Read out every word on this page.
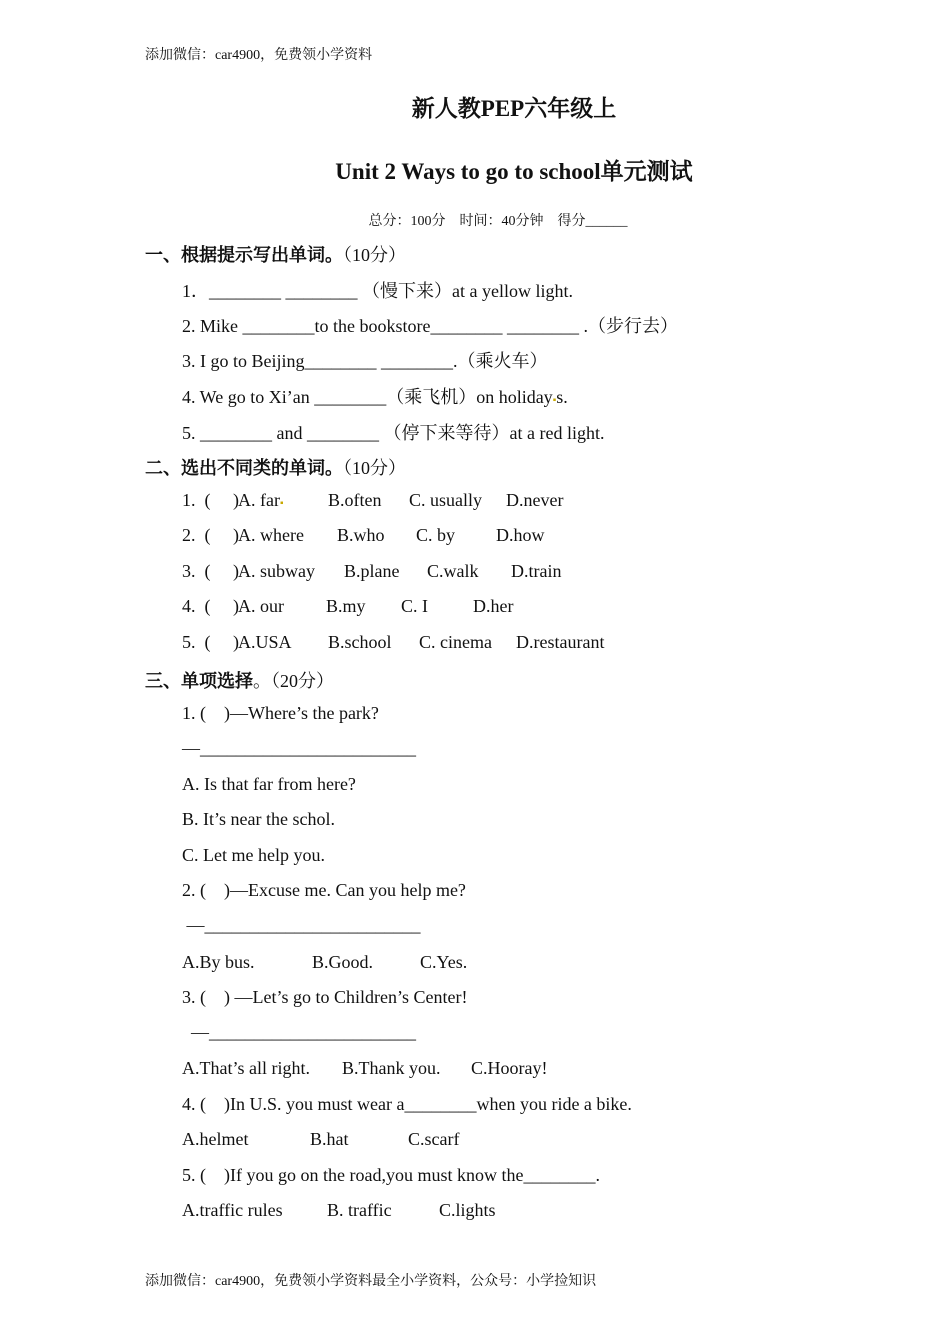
添加微信：car4900，免费领小学资料
新人教PEP六年级上
Unit 2 Ways to go to school单元测试
总分：100分    时间：40分钟    得分______
一、根据提示写出单词。（10分）
1．________ ________ （慢下来）at a yellow light.
2. Mike ________to the bookstore________ ________ .（步行去）
3. I go to Beijing________ ________.（乘火车）
4. We go to Xi’an ________（乘飞机）on holiday▪s.
5. ________ and ________ （停下来等待）at a red light.
二、选出不同类的单词。（10分）
1.  (     ) A. far▪	B.often	C. usually	D.never
2.  (     ) A. where	B.who	C. by	D.how
3.  (     ) A. subway	B.plane	C.walk	D.train
4.  (     ) A. our	B.my	C. I	D.her
5.  (     ) A.USA	B.school	C. cinema	D.restaurant
三、单项选择。（20分）
1. (    )—Where’s the park?
—________________________
A. Is that far from here?
B. It’s near the schol.
C. Let me help you.
2. (    )—Excuse me. Can you help me?
—________________________
A.By bus.	B.Good.	C.Yes.
3. (    ) —Let’s go to Children’s Center!
—_______________________
A.That’s all right.	B.Thank you.	C.Hooray!
4. (    )In U.S. you must wear a________when you ride a bike.
A.helmet	B.hat	C.scarf
5. (    )If you go on the road,you must know the________.
A.traffic rules	B. traffic	C.lights
添加微信：car4900，免费领小学资料最全小学资料，公众号：小学捡知识
